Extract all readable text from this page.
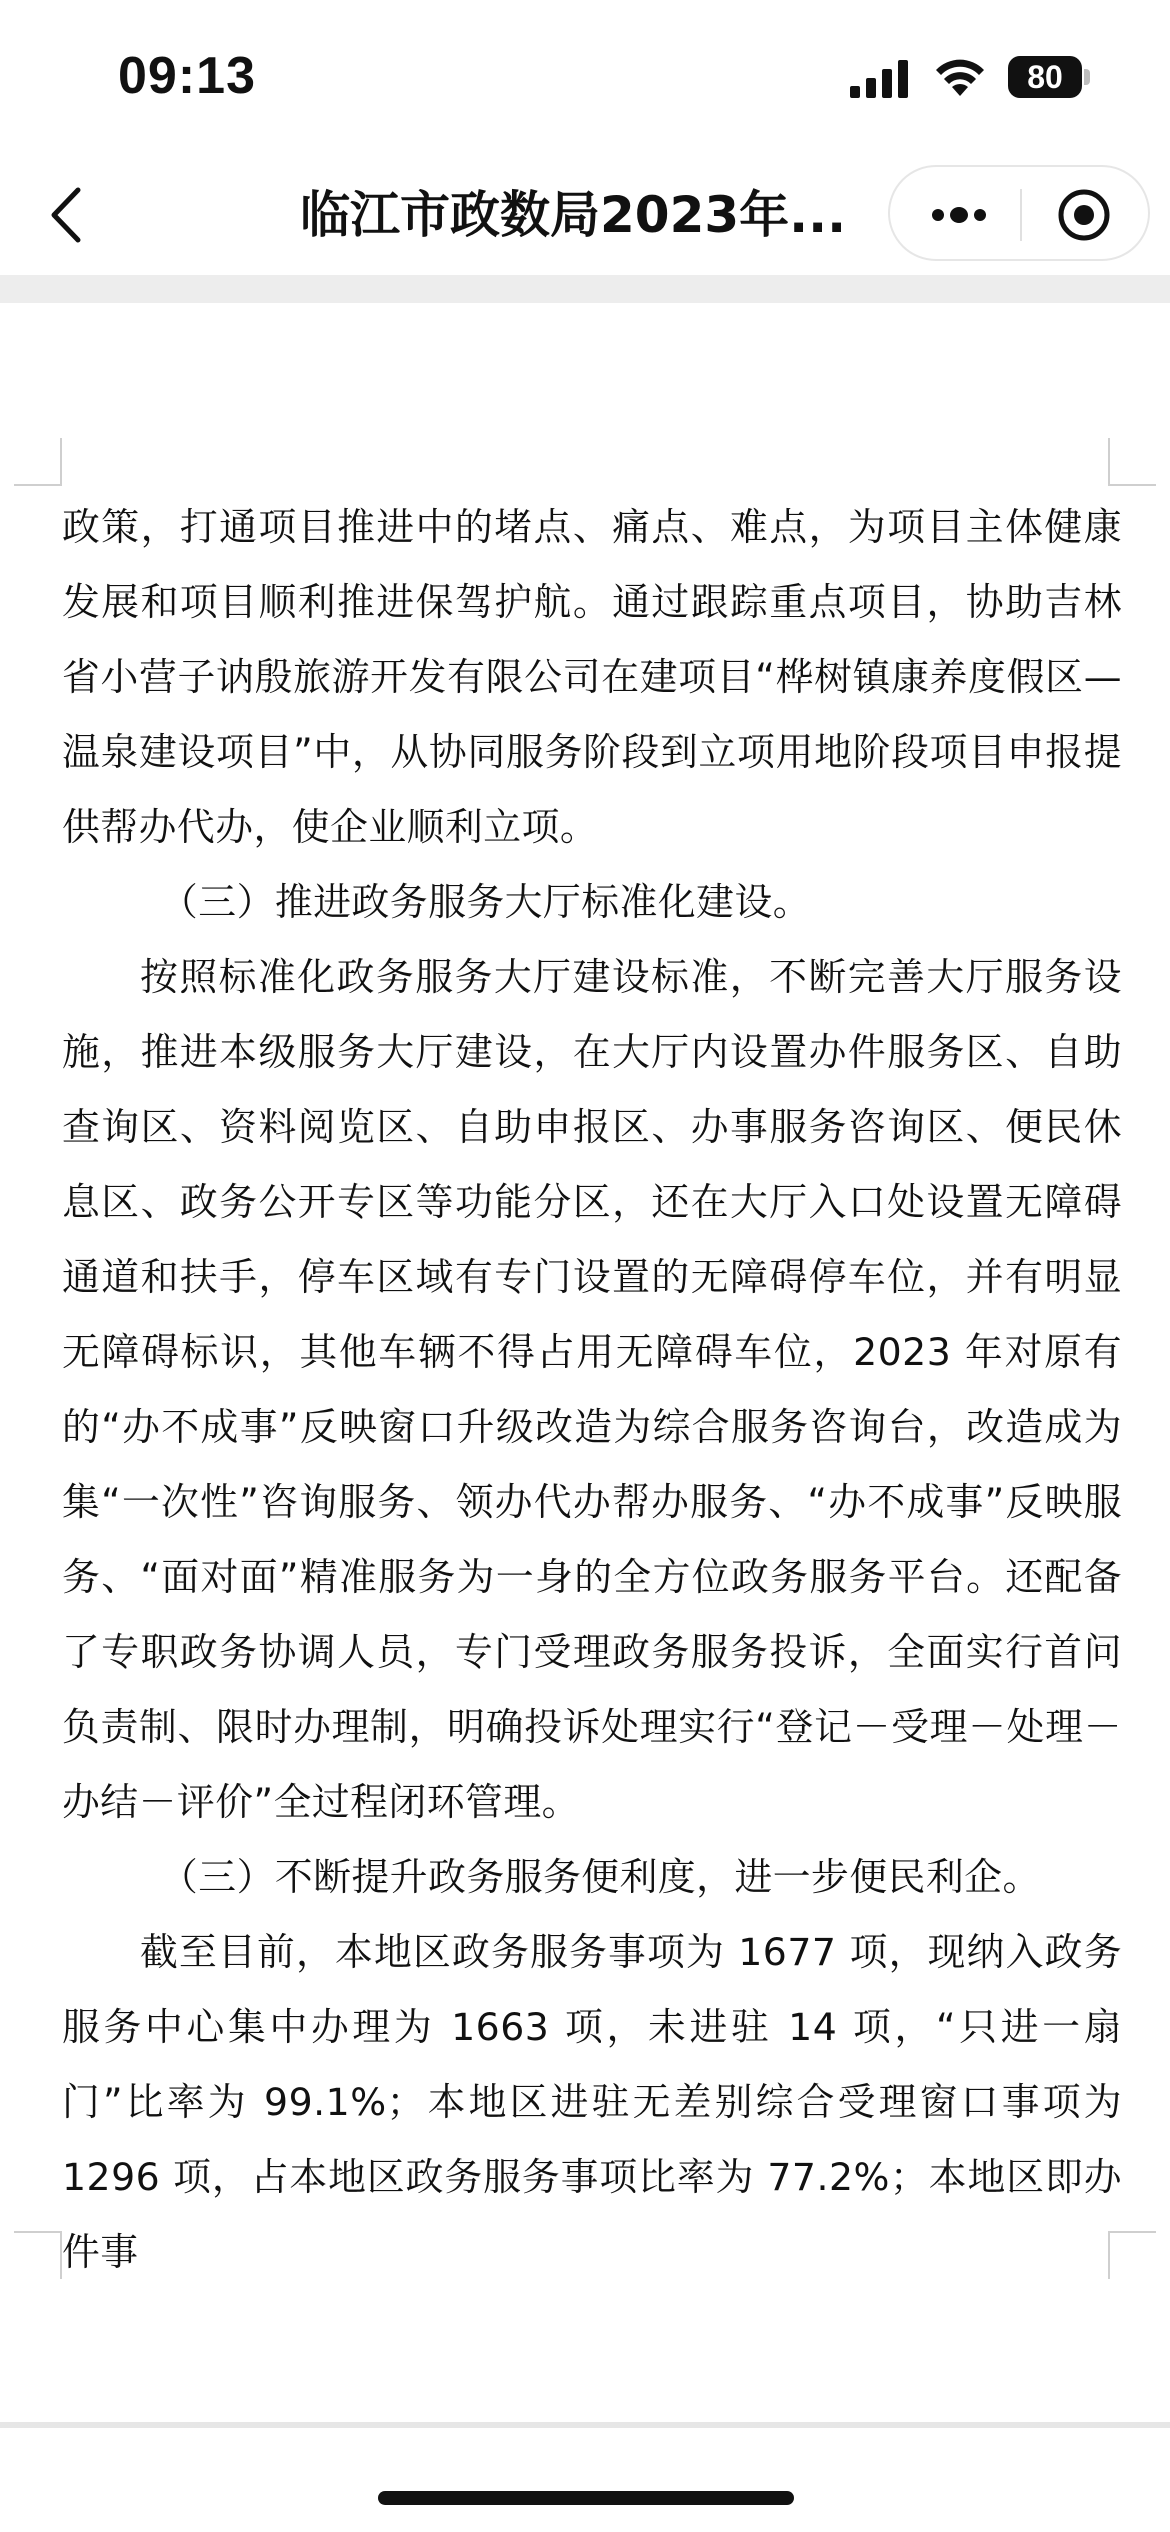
09:13	80
临江市政数局2023年...

政策，打通项目推进中的堵点、痛点、难点，为项目主体健康发展和项目顺利推进保驾护航。通过跟踪重点项目，协助吉林省小营子讷殷旅游开发有限公司在建项目“桦树镇康养度假区—温泉建设项目”中，从协同服务阶段到立项用地阶段项目申报提供帮办代办，使企业顺利立项。

（三）推进政务服务大厅标准化建设。

按照标准化政务服务大厅建设标准，不断完善大厅服务设施，推进本级服务大厅建设，在大厅内设置办件服务区、自助查询区、资料阅览区、自助申报区、办事服务咨询区、便民休息区、政务公开专区等功能分区，还在大厅入口处设置无障碍通道和扶手，停车区域有专门设置的无障碍停车位，并有明显无障碍标识，其他车辆不得占用无障碍车位，2023 年对原有的“办不成事”反映窗口升级改造为综合服务咨询台，改造成为集“一次性”咨询服务、领办代办帮办服务、“办不成事”反映服务、“面对面”精准服务为一身的全方位政务服务平台。还配备了专职政务协调人员，专门受理政务服务投诉，全面实行首问负责制、限时办理制，明确投诉处理实行“登记－受理－处理－办结－评价”全过程闭环管理。

（三）不断提升政务服务便利度，进一步便民利企。

截至目前，本地区政务服务事项为 1677 项，现纳入政务服务中心集中办理为 1663 项，未进驻 14 项，“只进一扇门”比率为 99.1%；本地区进驻无差别综合受理窗口事项为 1296 项，占本地区政务服务事项比率为 77.2%；本地区即办件事
